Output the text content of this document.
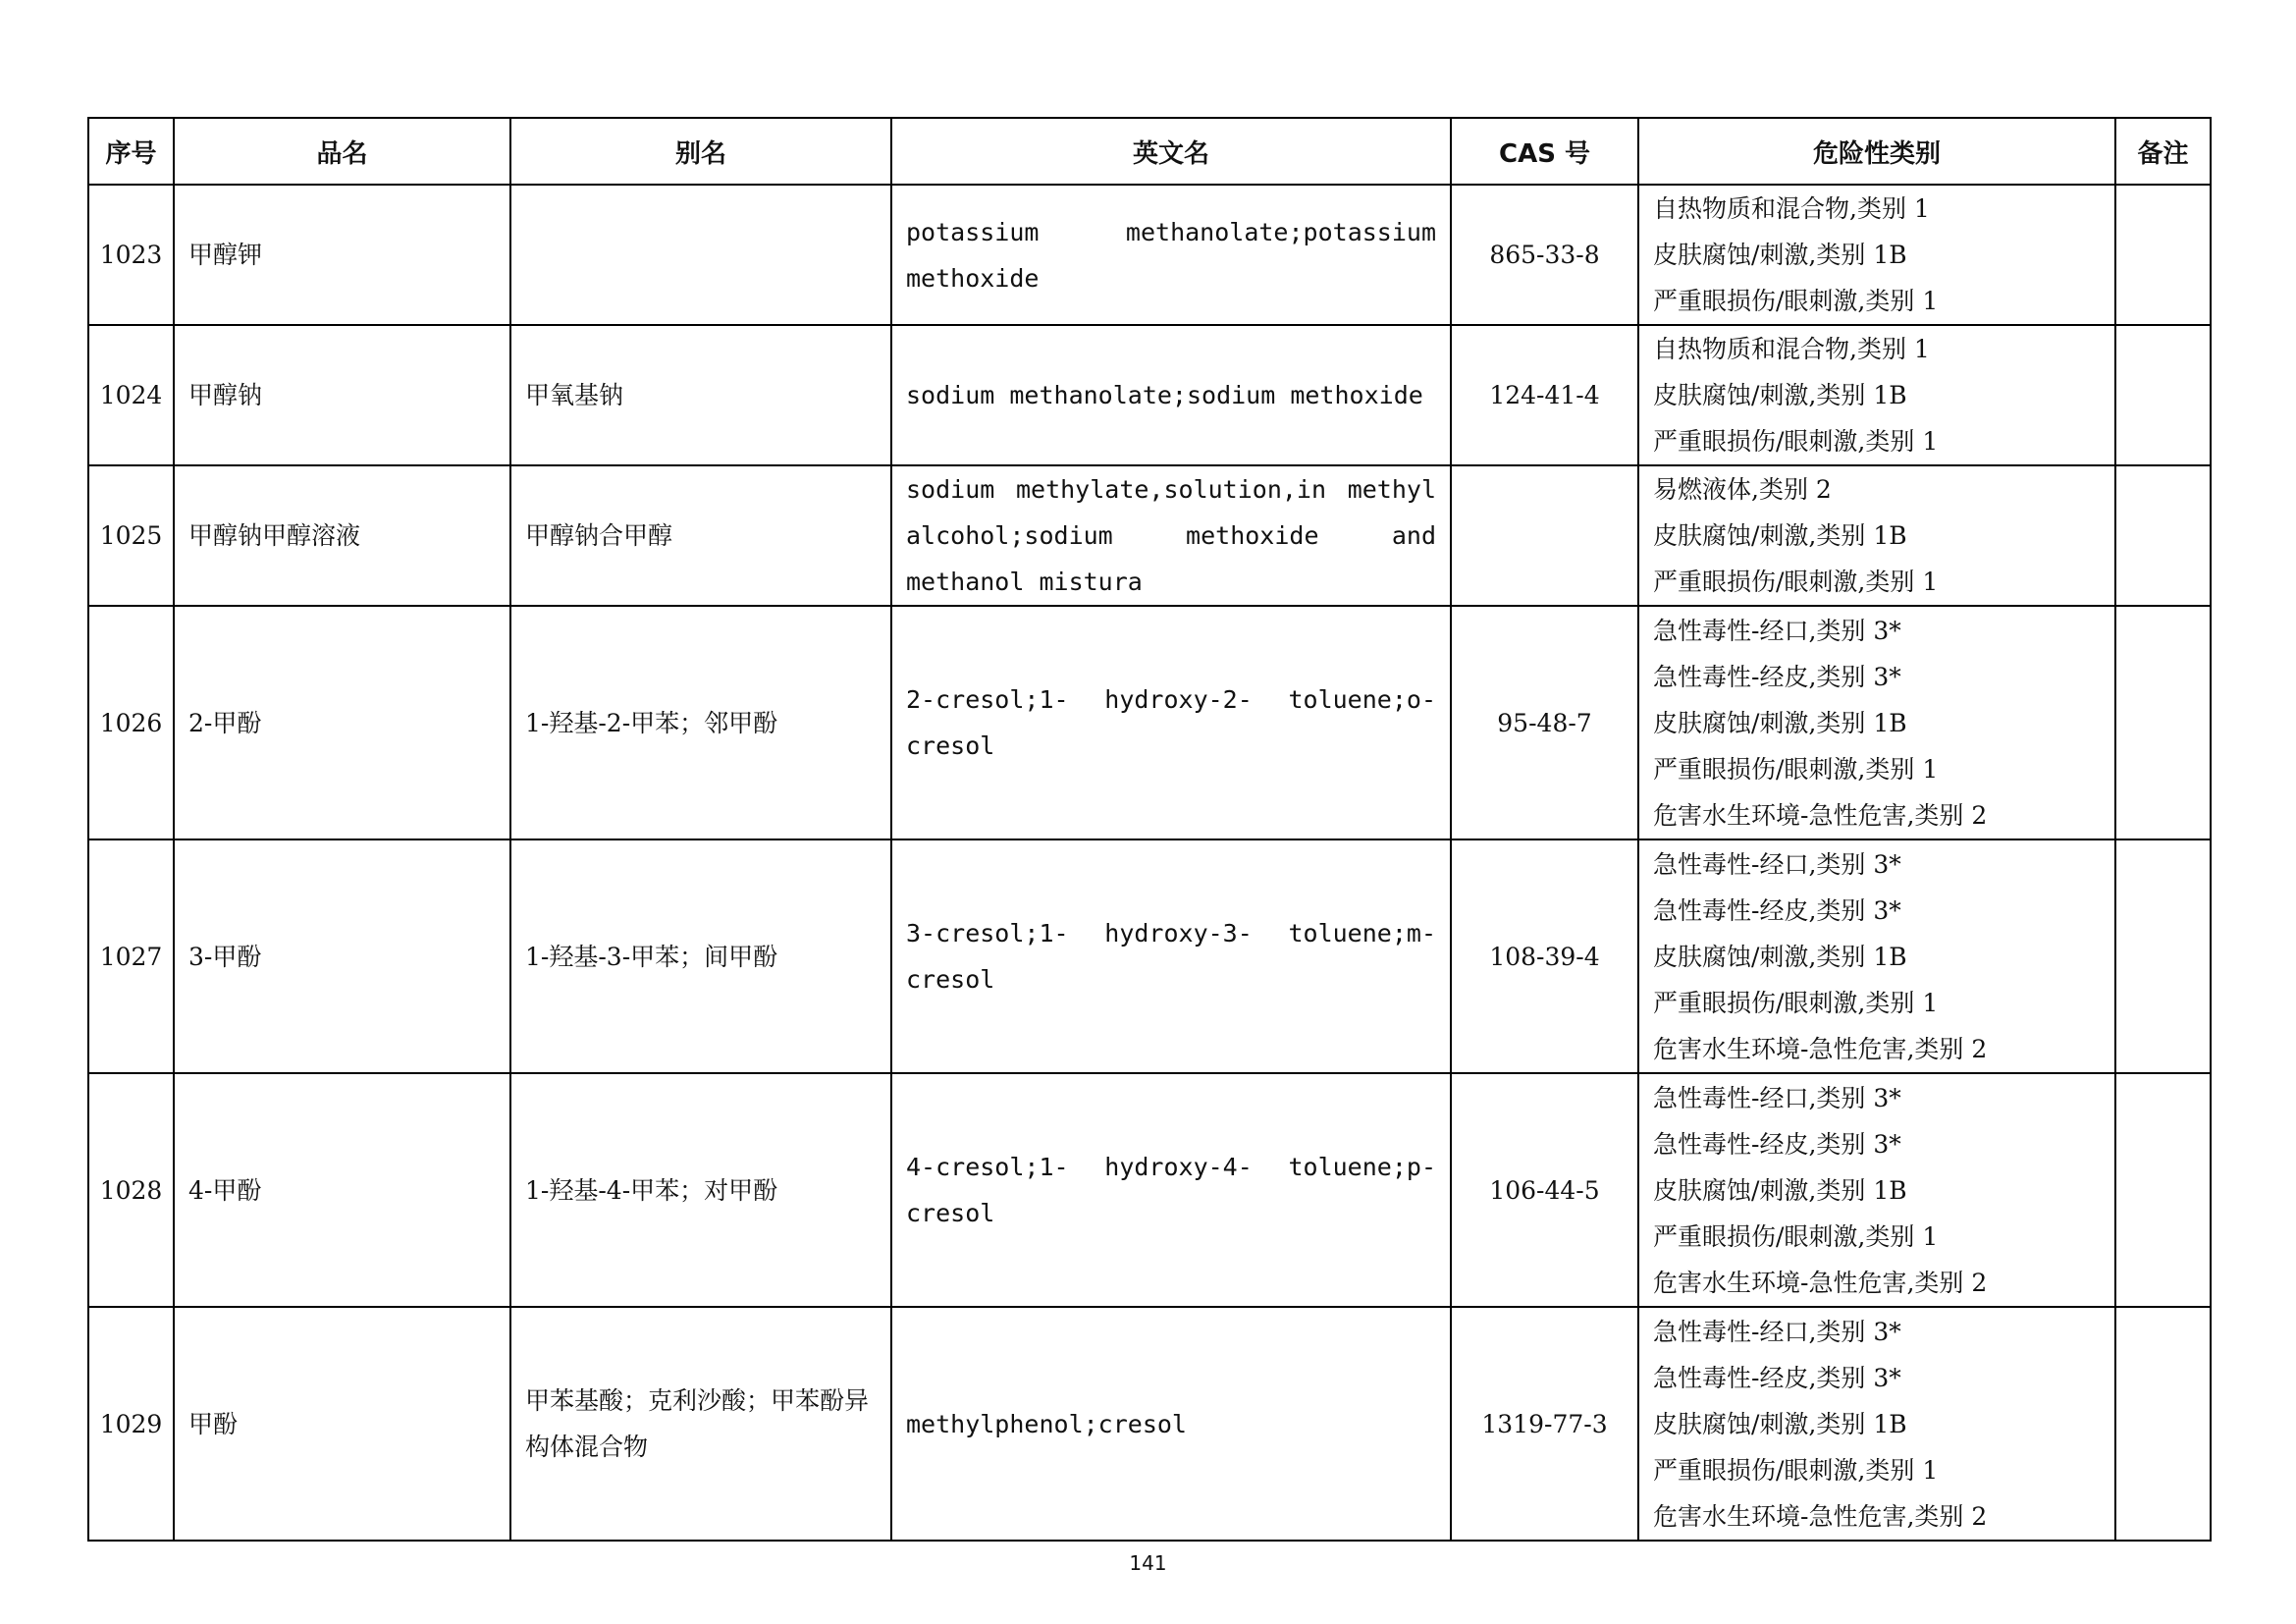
序号	品名	别名	英文名	CAS 号	危险性类别	备注
1023	甲醇钾		potassium methanolate;potassium methoxide	865-33-8	自热物质和混合物,类别 1
皮肤腐蚀/刺激,类别 1B
严重眼损伤/眼刺激,类别 1	

1024	甲醇钠	甲氧基钠	sodium methanolate;sodium methoxide	124-41-4	自热物质和混合物,类别 1
皮肤腐蚀/刺激,类别 1B
严重眼损伤/眼刺激,类别 1	

1025	甲醇钠甲醇溶液	甲醇钠合甲醇	sodium methylate,solution,in methyl alcohol;sodium methoxide and methanol mistura		易燃液体,类别 2
皮肤腐蚀/刺激,类别 1B
严重眼损伤/眼刺激,类别 1	

1026	2-甲酚	1-羟基-2-甲苯；邻甲酚	2-cresol;1- hydroxy-2- toluene;o-cresol	95-48-7	急性毒性-经口,类别 3*
急性毒性-经皮,类别 3*
皮肤腐蚀/刺激,类别 1B
严重眼损伤/眼刺激,类别 1
危害水生环境-急性危害,类别 2	

1027	3-甲酚	1-羟基-3-甲苯；间甲酚	3-cresol;1- hydroxy-3- toluene;m-cresol	108-39-4	急性毒性-经口,类别 3*
急性毒性-经皮,类别 3*
皮肤腐蚀/刺激,类别 1B
严重眼损伤/眼刺激,类别 1
危害水生环境-急性危害,类别 2	

1028	4-甲酚	1-羟基-4-甲苯；对甲酚	4-cresol;1- hydroxy-4- toluene;p-cresol	106-44-5	急性毒性-经口,类别 3*
急性毒性-经皮,类别 3*
皮肤腐蚀/刺激,类别 1B
严重眼损伤/眼刺激,类别 1
危害水生环境-急性危害,类别 2	

1029	甲酚	甲苯基酸；克利沙酸；甲苯酚异构体混合物	methylphenol;cresol	1319-77-3	急性毒性-经口,类别 3*
急性毒性-经皮,类别 3*
皮肤腐蚀/刺激,类别 1B
严重眼损伤/眼刺激,类别 1
危害水生环境-急性危害,类别 2	

141
